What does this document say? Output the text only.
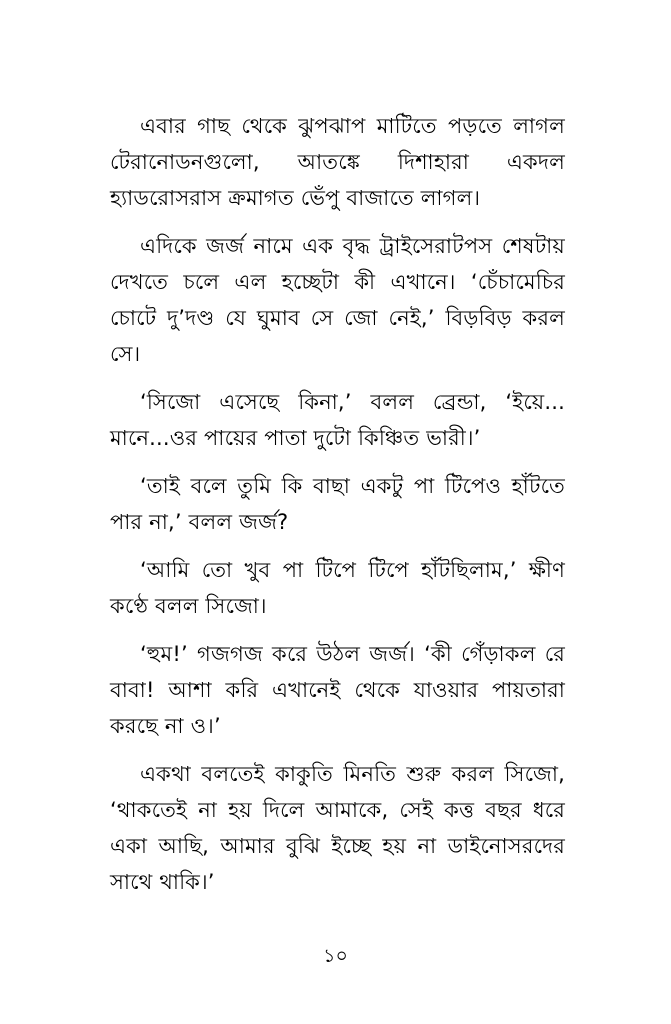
এবার গাছ থেকে ঝুপঝাপ মাটিতে পড়তে লাগল টেরানোডনগুলো, আতঙ্কে দিশাহারা একদল হ্যাডরোসরাস ক্রমাগত ভেঁপু বাজাতে লাগল।

এদিকে জর্জ নামে এক বৃদ্ধ ট্রাইসেরাটপস শেষটায় দেখতে চলে এল হচ্ছেটা কী এখানে। ‘চেঁচামেচির চোটে দু’দণ্ড যে ঘুমাব সে জো নেই,’ বিড়বিড় করল সে।

‘সিজো এসেছে কিনা,’ বলল ব্রেন্ডা, ‘ইয়ে... মানে...ওর পায়ের পাতা দুটো কিঞ্চিত ভারী।’

‘তাই বলে তুমি কি বাছা একটু পা টিপেও হাঁটতে পার না,’ বলল জর্জ?

‘আমি তো খুব পা টিপে টিপে হাঁটছিলাম,’ ক্ষীণ কণ্ঠে বলল সিজো।

‘হুম!’ গজগজ করে উঠল জর্জ। ‘কী গেঁড়াকল রে বাবা! আশা করি এখানেই থেকে যাওয়ার পায়তারা করছে না ও।’

একথা বলতেই কাকুতি মিনতি শুরু করল সিজো, ‘থাকতেই না হয় দিলে আমাকে, সেই কত্ত বছর ধরে একা আছি, আমার বুঝি ইচ্ছে হয় না ডাইনোসরদের সাথে থাকি।’

১০
